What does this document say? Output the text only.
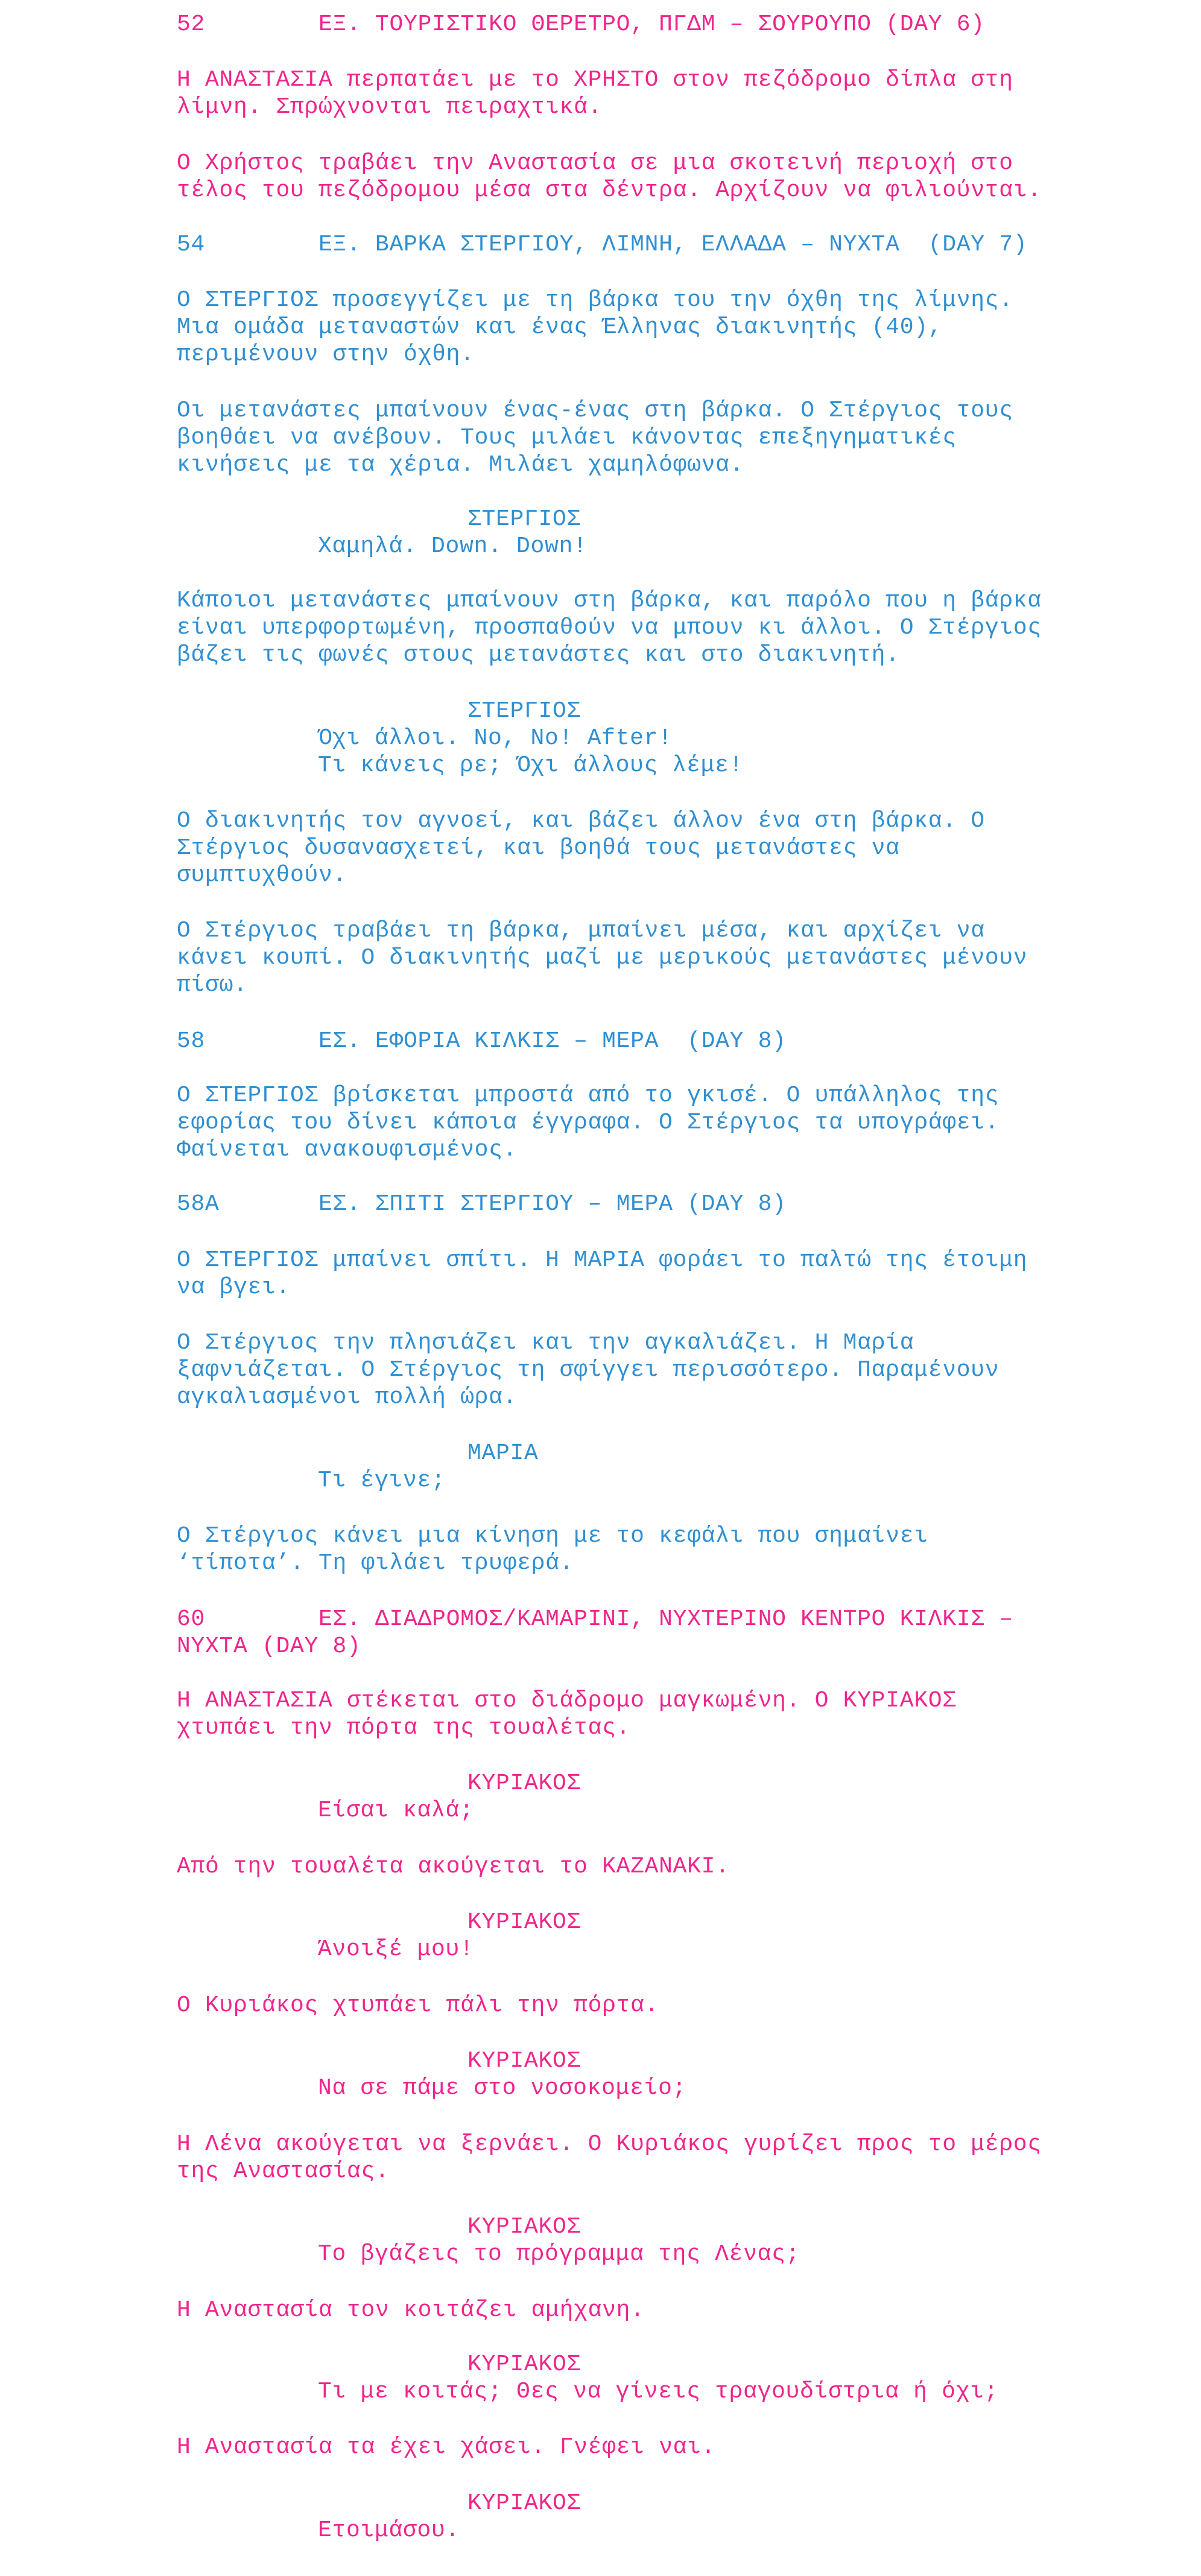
52        ΕΞ. ΤΟΥΡΙΣΤΙΚΟ ΘΕΡΕΤΡΟ, ΠΓΔΜ – ΣΟΥΡΟΥΠΟ (DAY 6)
Η ΑΝΑΣΤΑΣΙΑ περπατάει με το ΧΡΗΣΤΟ στον πεζόδρομο δίπλα στη
λίμνη. Σπρώχνονται πειραχτικά.
Ο Χρήστος τραβάει την Αναστασία σε μια σκοτεινή περιοχή στο
τέλος του πεζόδρομου μέσα στα δέντρα. Αρχίζουν να φιλιούνται.
54        ΕΞ. ΒΑΡΚΑ ΣΤΕΡΓΙΟΥ, ΛΙΜΝΗ, ΕΛΛΑΔΑ – ΝΥΧΤΑ  (DAY 7)
Ο ΣΤΕΡΓΙΟΣ προσεγγίζει με τη βάρκα του την όχθη της λίμνης.
Μια ομάδα μεταναστών και ένας Έλληνας διακινητής (40),
περιμένουν στην όχθη.
Οι μετανάστες μπαίνουν ένας-ένας στη βάρκα. Ο Στέργιος τους
βοηθάει να ανέβουν. Τους μιλάει κάνοντας επεξηγηματικές
κινήσεις με τα χέρια. Μιλάει χαμηλόφωνα.
ΣΤΕΡΓΙΟΣ
Χαμηλά. Down. Down!
Κάποιοι μετανάστες μπαίνουν στη βάρκα, και παρόλο που η βάρκα
είναι υπερφορτωμένη, προσπαθούν να μπουν κι άλλοι. Ο Στέργιος
βάζει τις φωνές στους μετανάστες και στο διακινητή.
ΣΤΕΡΓΙΟΣ
Όχι άλλοι. No, No! After!
Τι κάνεις ρε; Όχι άλλους λέμε!
Ο διακινητής τον αγνοεί, και βάζει άλλον ένα στη βάρκα. Ο
Στέργιος δυσανασχετεί, και βοηθά τους μετανάστες να
συμπτυχθούν.
Ο Στέργιος τραβάει τη βάρκα, μπαίνει μέσα, και αρχίζει να
κάνει κουπί. Ο διακινητής μαζί με μερικούς μετανάστες μένουν
πίσω.
58        ΕΣ. ΕΦΟΡΙΑ ΚΙΛΚΙΣ – ΜΕΡΑ  (DAY 8)
Ο ΣΤΕΡΓΙΟΣ βρίσκεται μπροστά από το γκισέ. Ο υπάλληλος της
εφορίας του δίνει κάποια έγγραφα. Ο Στέργιος τα υπογράφει.
Φαίνεται ανακουφισμένος.
58A       ΕΣ. ΣΠΙΤΙ ΣΤΕΡΓΙΟΥ – ΜΕΡΑ (DAY 8)
Ο ΣΤΕΡΓΙΟΣ μπαίνει σπίτι. Η ΜΑΡΙΑ φοράει το παλτώ της έτοιμη
να βγει.
Ο Στέργιος την πλησιάζει και την αγκαλιάζει. Η Μαρία
ξαφνιάζεται. Ο Στέργιος τη σφίγγει περισσότερο. Παραμένουν
αγκαλιασμένοι πολλή ώρα.
ΜΑΡΙΑ
Τι έγινε;
Ο Στέργιος κάνει μια κίνηση με το κεφάλι που σημαίνει
‘τίποτα’. Τη φιλάει τρυφερά.
60        ΕΣ. ΔΙΑΔΡΟΜΟΣ/ΚΑΜΑΡΙΝΙ, ΝΥΧΤΕΡΙΝΟ ΚΕΝΤΡΟ ΚΙΛΚΙΣ –
ΝΥΧΤΑ (DAY 8)
Η ΑΝΑΣΤΑΣΙΑ στέκεται στο διάδρομο μαγκωμένη. Ο ΚΥΡΙΑΚΟΣ
χτυπάει την πόρτα της τουαλέτας.
ΚΥΡΙΑΚΟΣ
Είσαι καλά;
Από την τουαλέτα ακούγεται το ΚΑΖΑΝΑΚΙ.
ΚΥΡΙΑΚΟΣ
Άνοιξέ μου!
Ο Κυριάκος χτυπάει πάλι την πόρτα.
ΚΥΡΙΑΚΟΣ
Να σε πάμε στο νοσοκομείο;
Η Λένα ακούγεται να ξερνάει. Ο Κυριάκος γυρίζει προς το μέρος
της Αναστασίας.
ΚΥΡΙΑΚΟΣ
Το βγάζεις το πρόγραμμα της Λένας;
Η Αναστασία τον κοιτάζει αμήχανη.
ΚΥΡΙΑΚΟΣ
Τι με κοιτάς; Θες να γίνεις τραγουδίστρια ή όχι;
Η Αναστασία τα έχει χάσει. Γνέφει ναι.
ΚΥΡΙΑΚΟΣ
Ετοιμάσου.
